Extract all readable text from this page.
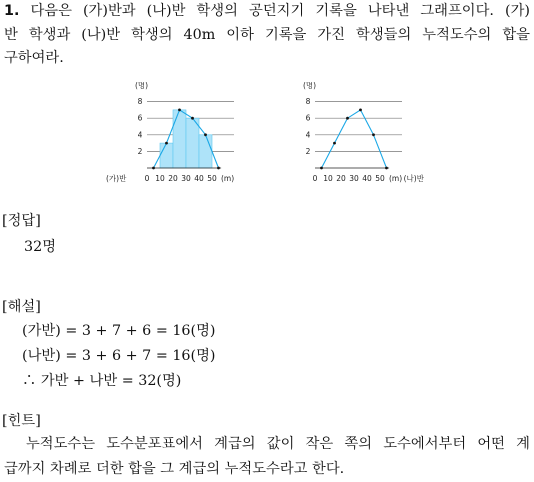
1. 다음은 (가)반과 (나)반 학생의 공던지기 기록을 나타낸 그래프이다. (가)
반 학생과 (나)반 학생의 40m 이하 기록을 가진 학생들의 누적도수의 합을
구하여라.
2
4
6
8
(명)
0 10 20 30 40 50 (m)
(가)반
2
4
6
8
(명)
0 10 20 30 40 50 (m) (나)반
[정답]
32명
[해설]
(가반) = 3 + 7 + 6 = 16(명)
(나반) = 3 + 6 + 7 = 16(명)
∴ 가반 + 나반 = 32(명)
[힌트]
누적도수는 도수분포표에서 계급의 값이 작은 쪽의 도수에서부터 어떤 계
급까지 차례로 더한 합을 그 계급의 누적도수라고 한다.
